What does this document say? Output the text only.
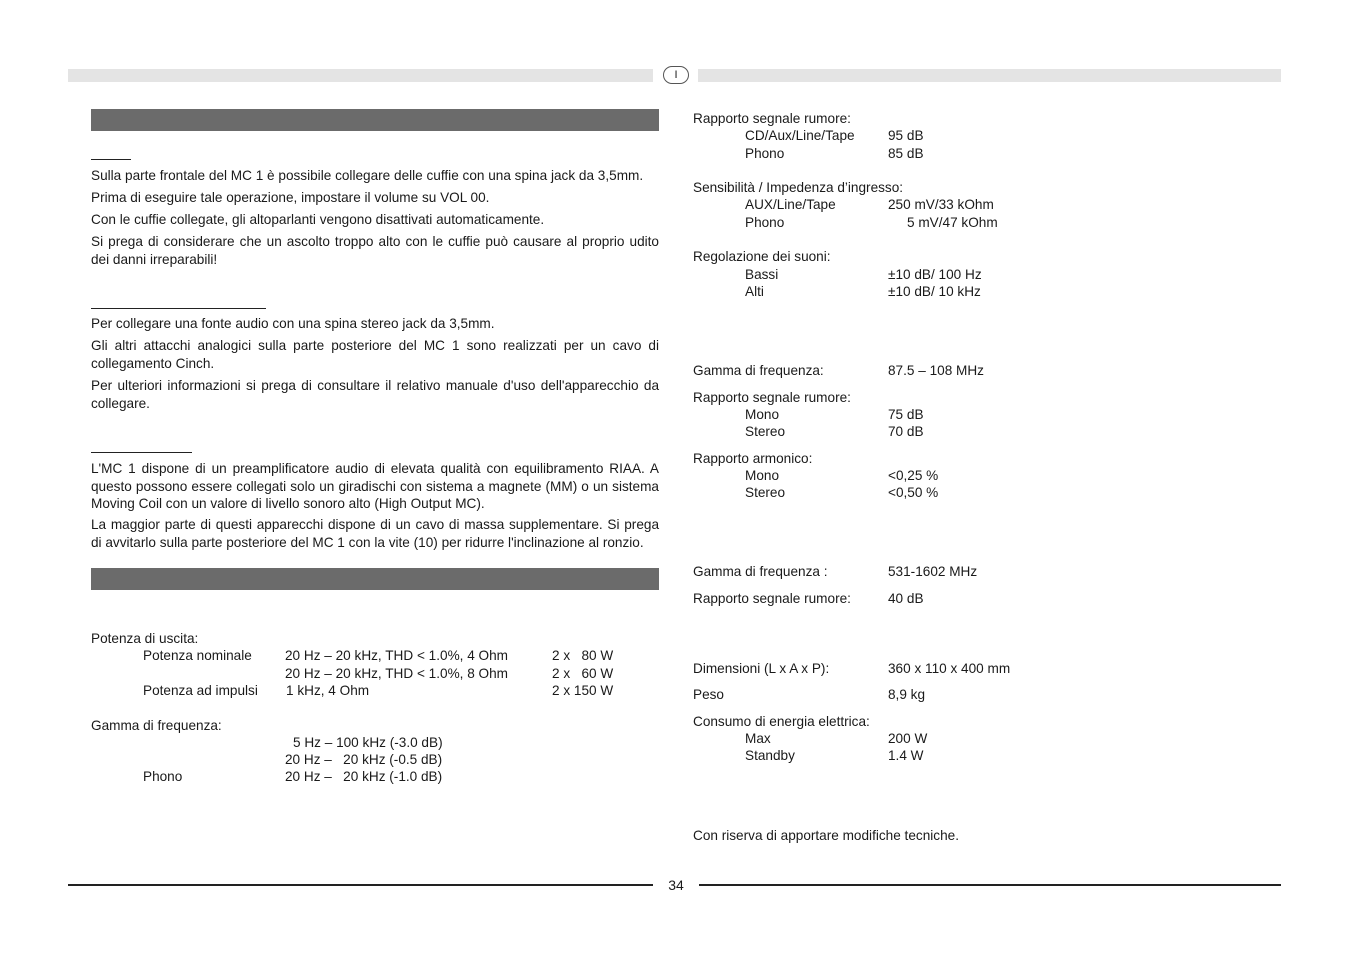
I

Sulla parte frontale del MC 1 è possibile collegare delle cuffie con una spina jack da 3,5mm.

Prima di eseguire tale operazione, impostare il volume su VOL 00.

Con le cuffie collegate, gli altoparlanti vengono disattivati automaticamente.

Si prega di considerare che un ascolto troppo alto con le cuffie può causare al proprio udito dei danni irreparabili!

Per collegare una fonte audio con una spina stereo jack da 3,5mm.

Gli altri attacchi analogici sulla parte posteriore del MC 1 sono realizzati per un cavo di collegamento Cinch.

Per ulteriori informazioni si prega di consultare il relativo manuale d'uso dell'apparecchio da collegare.

L'MC 1 dispone di un preamplificatore audio di elevata qualità con equilibramento RIAA. A questo possono essere collegati solo un giradischi con sistema a magnete (MM) o un sistema Moving Coil con un valore di livello sonoro alto (High Output MC).

La maggior parte di questi apparecchi dispone di un cavo di massa supplementare. Si prega di avvitarlo sulla parte posteriore del MC 1 con la vite (10) per ridurre l'inclinazione al ronzio.

Potenza di uscita:
Potenza nominale 20 Hz – 20 kHz, THD < 1.0%, 4 Ohm	2 x   80 W
20 Hz – 20 kHz, THD < 1.0%, 8 Ohm	2 x   60 W
Potenza ad impulsi 1 kHz, 4 Ohm	2 x 150 W
Gamma di frequenza:
5 Hz – 100 kHz (-3.0 dB)
20 Hz –   20 kHz (-0.5 dB)
Phono	20 Hz –   20 kHz (-1.0 dB)
Rapporto segnale rumore:
CD/Aux/Line/Tape 95 dB
Phono	85 dB
Sensibilità / Impedenza d’ingresso:
AUX/Line/Tape	250 mV/33 kOhm
Phono	5 mV/47 kOhm
Regolazione dei suoni:
Bassi	±10 dB/ 100 Hz
Alti	±10 dB/ 10 kHz
Gamma di frequenza:	87.5 – 108 MHz
Rapporto segnale rumore:
Mono	75 dB
Stereo	70 dB
Rapporto armonico:
Mono	<0,25 %
Stereo	<0,50 %
Gamma di frequenza :	531-1602 MHz
Rapporto segnale rumore:	40 dB
Dimensioni (L x A x P):	360 x 110 x 400 mm
Peso	8,9 kg
Consumo di energia elettrica:
Max	200 W
Standby	1.4 W
Con riserva di apportare modifiche tecniche.
34
